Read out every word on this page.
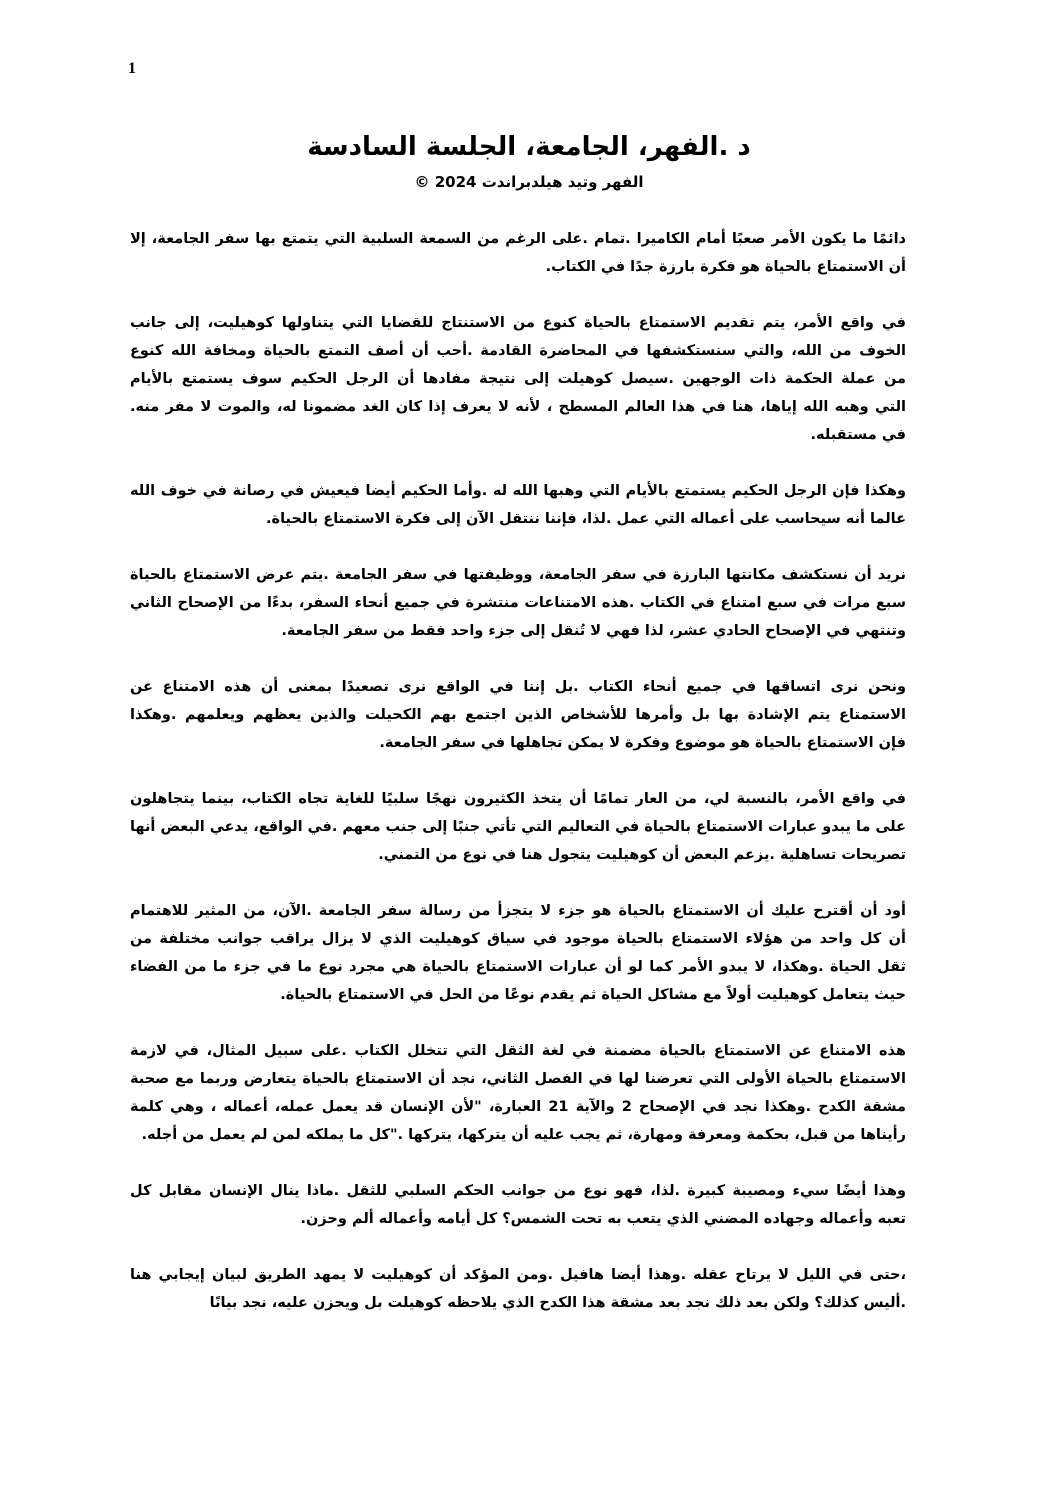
1
د .الفهر، الجامعة، الجلسة السادسة
الفهر وتيد هيلدبراندت 2024 ©
دائمًا ما يكون الأمر صعبًا أمام الكاميرا .تمام .على الرغم من السمعة السلبية التي يتمتع بها سفر الجامعة، إلا
أن الاستمتاع بالحياة هو فكرة بارزة جدًا في الكتاب.
في واقع الأمر، يتم تقديم الاستمتاع بالحياة كنوع من الاستنتاج للقضايا التي يتناولها كوهيليت، إلى جانب
الخوف من الله، والتي سنستكشفها في المحاضرة القادمة .أحب أن أصف التمتع بالحياة ومخافة الله كنوع
من عملة الحكمة ذات الوجهين .سيصل كوهيلت إلى نتيجة مفادها أن الرجل الحكيم سوف يستمتع بالأيام
التي وهبه الله إياها، هنا في هذا العالم المسطح ، لأنه لا يعرف إذا كان الغد مضمونا له، والموت لا مفر منه.
في مستقبله.
وهكذا فإن الرجل الحكيم يستمتع بالأيام التي وهبها الله له .وأما الحكيم أيضا فيعيش في رصانة في خوف الله
عالما أنه سيحاسب على أعماله التي عمل .لذا، فإننا ننتقل الآن إلى فكرة الاستمتاع بالحياة.
نريد أن نستكشف مكانتها البارزة في سفر الجامعة، ووظيفتها في سفر الجامعة .يتم عرض الاستمتاع بالحياة
سبع مرات في سبع امتناع في الكتاب .هذه الامتناعات منتشرة في جميع أنحاء السفر، بدءًا من الإصحاح الثاني
وتنتهي في الإصحاح الحادي عشر، لذا فهي لا تُنقل إلى جزء واحد فقط من سفر الجامعة.
ونحن نرى اتساقها في جميع أنحاء الكتاب .بل إننا في الواقع نرى تصعيدًا بمعنى أن هذه الامتناع عن
الاستمتاع يتم الإشادة بها بل وأمرها للأشخاص الذين اجتمع بهم الكحيلت والذين يعظهم ويعلمهم .وهكذا
فإن الاستمتاع بالحياة هو موضوع وفكرة لا يمكن تجاهلها في سفر الجامعة.
في واقع الأمر، بالنسبة لي، من العار تمامًا أن يتخذ الكثيرون نهجًا سلبيًا للغاية تجاه الكتاب، بينما يتجاهلون
على ما يبدو عبارات الاستمتاع بالحياة في التعاليم التي تأتي جنبًا إلى جنب معهم .في الواقع، يدعي البعض أنها
تصريحات تساهلية .يزعم البعض أن كوهيليت يتجول هنا في نوع من التمني.
أود أن أقترح عليك أن الاستمتاع بالحياة هو جزء لا يتجزأ من رسالة سفر الجامعة .الآن، من المثير للاهتمام
أن كل واحد من هؤلاء الاستمتاع بالحياة موجود في سياق كوهيليت الذي لا يزال يراقب جوانب مختلفة من
ثقل الحياة .وهكذا، لا يبدو الأمر كما لو أن عبارات الاستمتاع بالحياة هي مجرد نوع ما في جزء ما من الفضاء
حيث يتعامل كوهيليت أولاً مع مشاكل الحياة ثم يقدم نوعًا من الحل في الاستمتاع بالحياة.
هذه الامتناع عن الاستمتاع بالحياة مضمنة في لغة الثقل التي تتخلل الكتاب .على سبيل المثال، في لازمة
الاستمتاع بالحياة الأولى التي تعرضنا لها في الفصل الثاني، نجد أن الاستمتاع بالحياة يتعارض وربما مع صحبة
مشقة الكدح .وهكذا نجد في الإصحاح 2 والآية 21 العبارة، "لأن الإنسان قد يعمل عمله، أعماله ، وهي كلمة
رأيناها من قبل، بحكمة ومعرفة ومهارة، ثم يجب عليه أن يتركها، يتركها ."كل ما يملكه لمن لم يعمل من أجله.
وهذا أيضًا سيء ومصيبة كبيرة .لذا، فهو نوع من جوانب الحكم السلبي للثقل .ماذا ينال الإنسان مقابل كل
تعبه وأعماله وجهاده المضني الذي يتعب به تحت الشمس؟ كل أيامه وأعماله ألم وحزن.
،حتى في الليل لا يرتاح عقله .وهذا أيضا هافيل .ومن المؤكد أن كوهيليت لا يمهد الطريق لبيان إيجابي هنا
.أليس كذلك؟ ولكن بعد ذلك نجد بعد مشقة هذا الكدح الذي يلاحظه كوهيلت بل ويحزن عليه، نجد بيانًا
